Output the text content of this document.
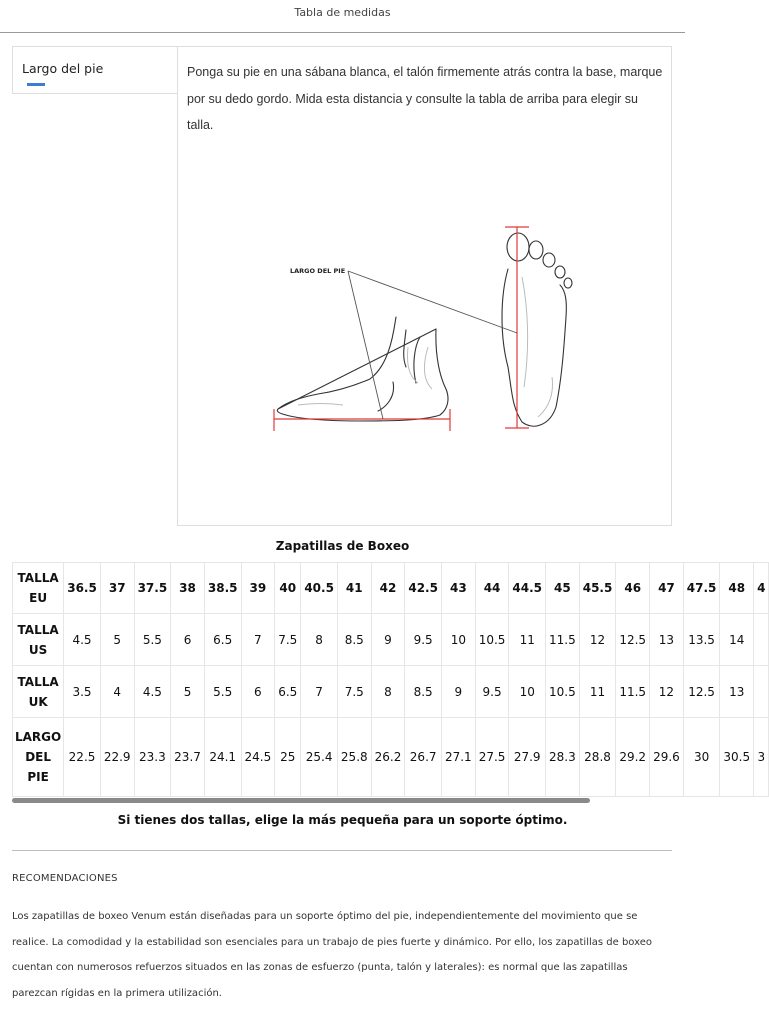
Tabla de medidas
Largo del pie	Ponga su pie en una sábana blanca, el talón firmemente atrás contra la base, marque por su dedo gordo. Mida esta distancia y consulte la tabla de arriba para elegir su talla.
LARGO DEL PIE
Zapatillas de Boxeo
TALLA EU	36.5	37	37.5	38	38.5	39	40	40.5	41	42	42.5	43	44	44.5	45	45.5	46	47	47.5	48	4
TALLA US	4.5	5	5.5	6	6.5	7	7.5	8	8.5	9	9.5	10	10.5	11	11.5	12	12.5	13	13.5	14	
TALLA UK	3.5	4	4.5	5	5.5	6	6.5	7	7.5	8	8.5	9	9.5	10	10.5	11	11.5	12	12.5	13	
LARGO DEL PIE	22.5	22.9	23.3	23.7	24.1	24.5	25	25.4	25.8	26.2	26.7	27.1	27.5	27.9	28.3	28.8	29.2	29.6	30	30.5	3
Si tienes dos tallas, elige la más pequeña para un soporte óptimo.
RECOMENDACIONES
Los zapatillas de boxeo Venum están diseñadas para un soporte óptimo del pie, independientemente del movimiento que se realice. La comodidad y la estabilidad son esenciales para un trabajo de pies fuerte y dinámico. Por ello, los zapatillas de boxeo cuentan con numerosos refuerzos situados en las zonas de esfuerzo (punta, talón y laterales): es normal que las zapatillas parezcan rígidas en la primera utilización.
